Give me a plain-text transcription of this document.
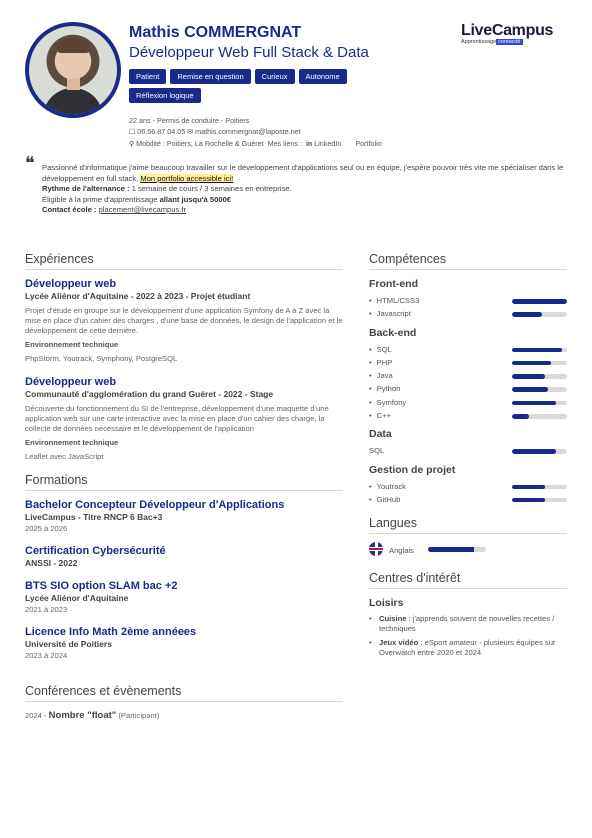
Mathis COMMERGNAT
Développeur Web Full Stack & Data
Patient	Remise en question	Curieux	Autonome
Réflexion logique
22 ans - Permis de conduire - Poitiers
☐ 06.56.87.04.05 ✉ mathis.commergnat@laposte.net
⚲ Mobilité : Poitiers, La Rochelle & Guéret Mes liens : in LinkedIn Portfolio
LiveCampus
Apprentissage connecté
❝ Passionné d'informatique j'aime beaucoup travailler sur le développement d'applications seul ou en équipe, j'espère pouvoir très vite me spécialiser dans le développement en full stack. Mon portfolio accessible ici!
Rythme de l'alternance : 1 semaine de cours / 3 semaines en entreprise.
Éligible à la prime d'apprentissage allant jusqu'à 5000€
Contact école : placement@livecampus.fr
Expériences
Développeur web
Lycée Aliénor d'Aquitaine - 2022 à 2023 - Projet étudiant
Projet d'étude en groupe sur le développement d'une application Symfony de A à Z avec la mise en place d'un cahier des charges , d'une base de données, le design de l'application et le développement de cette dernière.
Environnement technique
PhpStorm, Youtrack, Symphony, PostgreSQL
Développeur web
Communauté d'agglomération du grand Guéret - 2022 - Stage
Découverte du fonctionnement du SI de l'entreprise, développement d'une maquette d'une application web sur une carte interactive avec la mise en place d'un cahier des charge, la collecte de données nécessaire et le développement de l'application
Environnement technique
Leaflet avec JavaScript
Formations
Bachelor Concepteur Développeur d'Applications
LiveCampus - Titre RNCP 6 Bac+3
2025 à 2026
Certification Cybersécurité
ANSSI - 2022
BTS SIO option SLAM bac +2
Lycée Aliénor d'Aquitaine
2021 à 2023
Licence Info Math 2ème annéees
Université de Poitiers
2023 à 2024
Conférences et évènements
2024 - Nombre "float" (Participant)
Compétences
Front-end
• HTML/CSS3
• Javascript
Back-end
• SQL
• PHP
• Java
• Python
• Symfony
• C++
Data
SQL
Gestion de projet
• Youtrack
• GitHub
Langues
Anglais
Centres d'intérêt
Loisirs
• Cuisine : j'apprends souvent de nouvelles recettes / techniques
• Jeux vidéo : eSport amateur - plusieurs équipes sur Overwatch entre 2020 et 2024
